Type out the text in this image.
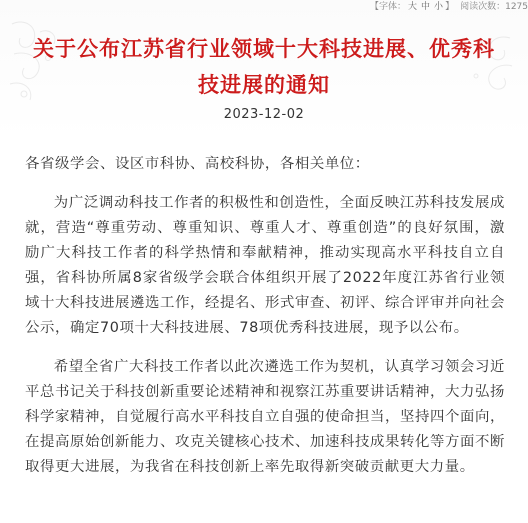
【字体： 大 中 小 】 阅读次数： 1275
关于公布江苏省行业领域十大科技进展、优秀科
技进展的通知
2023-12-02

各省级学会、设区市科协、高校科协，各相关单位：

为广泛调动科技工作者的积极性和创造性，全面反映江苏科技发展成就，营造“尊重劳动、尊重知识、尊重人才、尊重创造”的良好氛围，激励广大科技工作者的科学热情和奉献精神，推动实现高水平科技自立自强，省科协所属8家省级学会联合体组织开展了2022年度江苏省行业领域十大科技进展遴选工作，经提名、形式审查、初评、综合评审并向社会公示，确定70项十大科技进展、78项优秀科技进展，现予以公布。

希望全省广大科技工作者以此次遴选工作为契机，认真学习领会习近平总书记关于科技创新重要论述精神和视察江苏重要讲话精神，大力弘扬科学家精神，自觉履行高水平科技自立自强的使命担当，坚持四个面向，在提高原始创新能力、攻克关键核心技术、加速科技成果转化等方面不断取得更大进展，为我省在科技创新上率先取得新突破贡献更大力量。
